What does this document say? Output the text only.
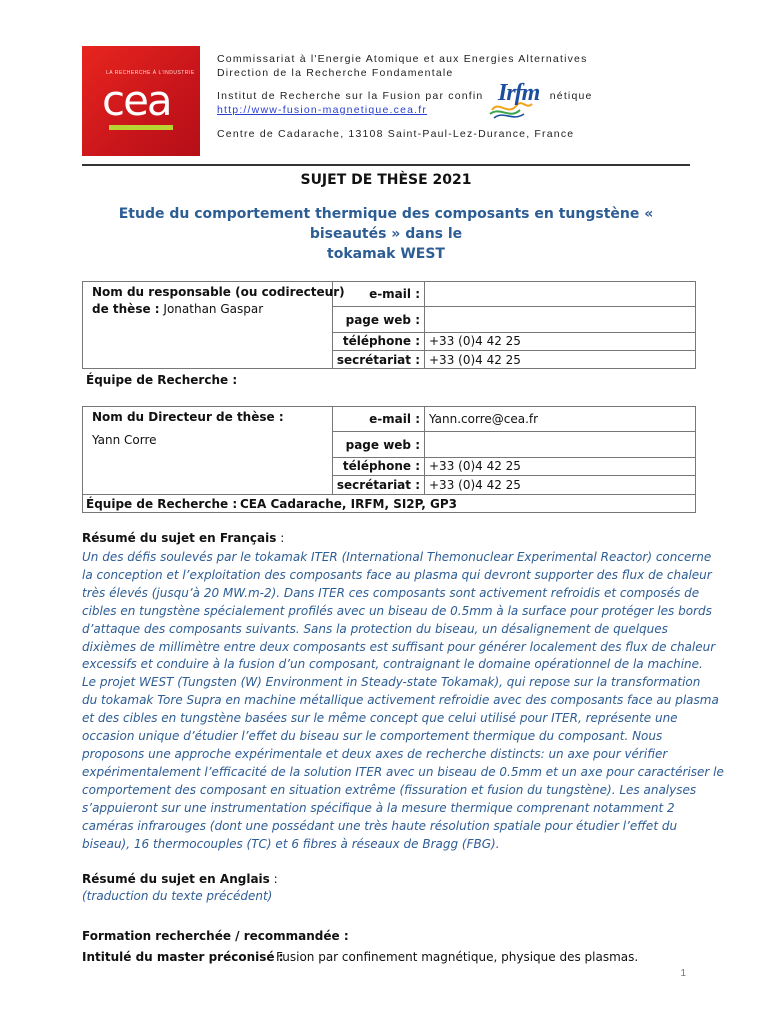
LA RECHERCHE À L'INDUSTRIE
cea
Commissariat à l'Energie Atomique et aux Energies Alternatives
Direction de la Recherche Fondamentale
Institut de Recherche sur la Fusion par confin	nétique
Irfm
http://www-fusion-magnetique.cea.fr
Centre de Cadarache, 13108 Saint-Paul-Lez-Durance, France
SUJET DE THÈSE 2021
Etude du comportement thermique des composants en tungstène « biseautés » dans le
tokamak WEST
Nom du responsable (ou codirecteur)
de thèse : Jonathan Gaspar
e-mail :
page web :
téléphone : +33 (0)4 42 25
secrétariat : +33 (0)4 42 25
Équipe de Recherche :
Nom du Directeur de thèse :
Yann Corre
e-mail : Yann.corre@cea.fr
page web :
téléphone : +33 (0)4 42 25
secrétariat : +33 (0)4 42 25
Équipe de Recherche : CEA Cadarache, IRFM, SI2P, GP3
Résumé du sujet en Français :
Un des défis soulevés par le tokamak ITER (International Themonuclear Experimental Reactor) concerne
la conception et l’exploitation des composants face au plasma qui devront supporter des flux de chaleur
très élevés (jusqu’à 20 MW.m-2). Dans ITER ces composants sont activement refroidis et composés de
cibles en tungstène spécialement profilés avec un biseau de 0.5mm à la surface pour protéger les bords
d’attaque des composants suivants. Sans la protection du biseau, un désalignement de quelques
dixièmes de millimètre entre deux composants est suffisant pour générer localement des flux de chaleur
excessifs et conduire à la fusion d’un composant, contraignant le domaine opérationnel de la machine.
Le projet WEST (Tungsten (W) Environment in Steady-state Tokamak), qui repose sur la transformation
du tokamak Tore Supra en machine métallique activement refroidie avec des composants face au plasma
et des cibles en tungstène basées sur le même concept que celui utilisé pour ITER, représente une
occasion unique d’étudier l’effet du biseau sur le comportement thermique du composant. Nous
proposons une approche expérimentale et deux axes de recherche distincts: un axe pour vérifier
expérimentalement l’efficacité de la solution ITER avec un biseau de 0.5mm et un axe pour caractériser le
comportement des composant en situation extrême (fissuration et fusion du tungstène). Les analyses
s’appuieront sur une instrumentation spécifique à la mesure thermique comprenant notamment 2
caméras infrarouges (dont une possédant une très haute résolution spatiale pour étudier l’effet du
biseau), 16 thermocouples (TC) et 6 fibres à réseaux de Bragg (FBG).
Résumé du sujet en Anglais :
(traduction du texte précédent)
Formation recherchée / recommandée :
Intitulé du master préconisé :
Fusion par confinement magnétique, physique des plasmas.
1
